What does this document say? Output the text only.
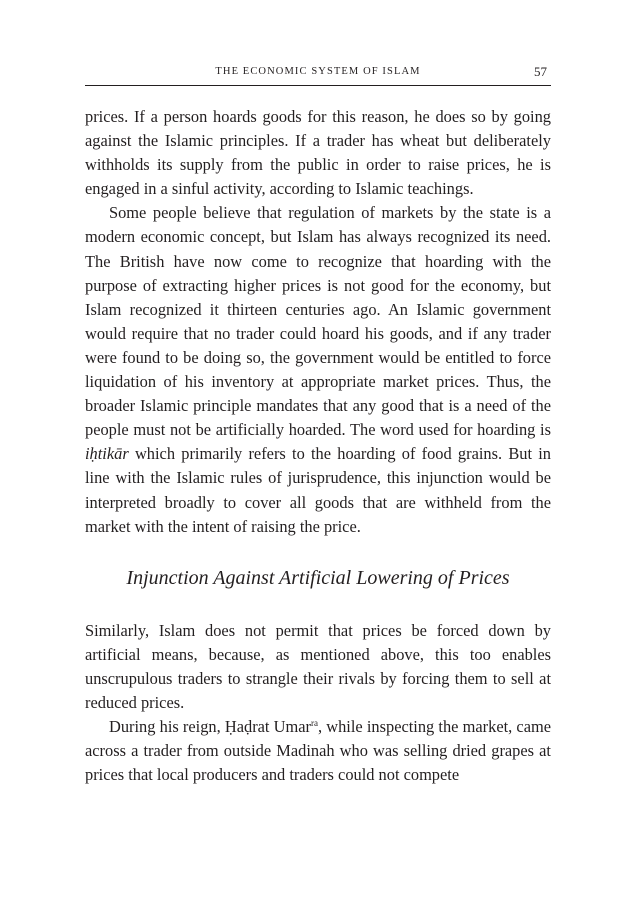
THE ECONOMIC SYSTEM OF ISLAM	57

prices. If a person hoards goods for this reason, he does so by going against the Islamic principles. If a trader has wheat but deliberately withholds its supply from the public in order to raise prices, he is engaged in a sinful activity, according to Islamic teachings.

Some people believe that regulation of markets by the state is a modern economic concept, but Islam has always recognized its need. The British have now come to recognize that hoarding with the purpose of extracting higher prices is not good for the economy, but Islam recognized it thirteen centuries ago. An Islamic government would require that no trader could hoard his goods, and if any trader were found to be doing so, the government would be entitled to force liquidation of his inventory at appropriate market prices. Thus, the broader Islamic principle mandates that any good that is a need of the people must not be artificially hoarded. The word used for hoarding is iḥtikār which primarily refers to the hoarding of food grains. But in line with the Islamic rules of jurisprudence, this injunction would be interpreted broadly to cover all goods that are withheld from the market with the intent of raising the price.

Injunction Against Artificial Lowering of Prices

Similarly, Islam does not permit that prices be forced down by artificial means, because, as mentioned above, this too enables unscrupulous traders to strangle their rivals by forcing them to sell at reduced prices.

During his reign, Ḥaḍrat Umar$^{ra}$, while inspecting the market, came across a trader from outside Madinah who was selling dried grapes at prices that local producers and traders could not compete
